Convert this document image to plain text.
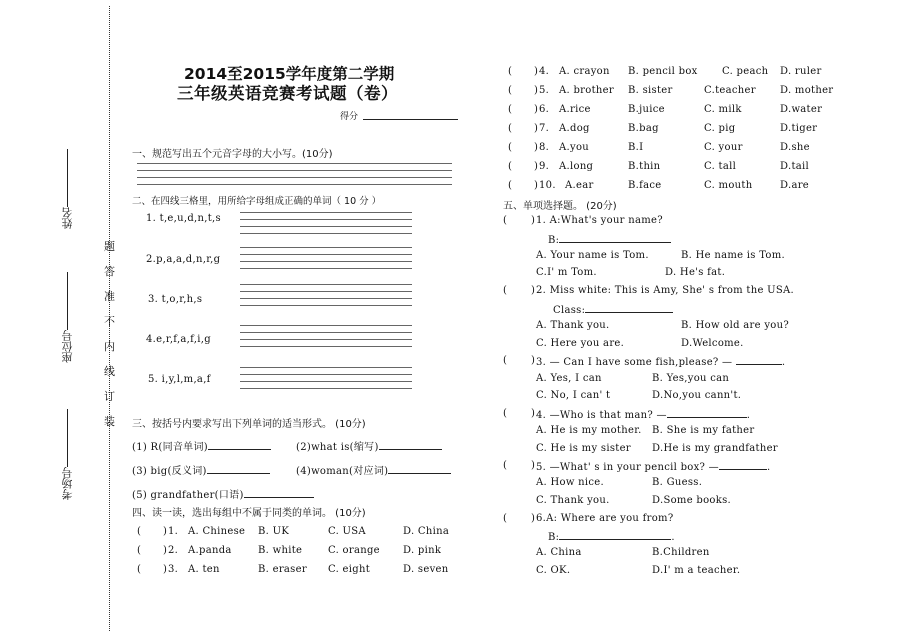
姓名
座位号
考场号
题
答
准
不
内
线
订
装
2014至2015学年度第二学期
三年级英语竞赛考试题（卷）
得分
一、规范写出五个元音字母的大小写。(10分)
二、在四线三格里，用所给字母组成正确的单词（ 10 分 ）
1. t,e,u,d,n,t,s
2.p,a,a,d,n,r,g
3. t,o,r,h,s
4.e,r,f,a,f,i,g
5. i,y,l,m,a,f
三、按括号内要求写出下列单词的适当形式。 (10分)
(1) R(同音单词)	(2)what is(缩写)
(3) big(反义词)	(4)woman(对应词)
(5) grandfather(口语)
四、读一读，选出每组中不属于同类的单词。 (10分)
( ) 1. A. Chinese B. UK	C. USA	D. China
( ) 2. A.panda	B. white	C. orange D. pink
( ) 3. A. ten	B. eraser C. eight	D. seven
( ) 4. A. crayon B. pencil box C. peach D. ruler
( ) 5. A. brother B. sister	C.teacher D. mother
( ) 6. A.rice	B.juice	C. milk	D.water
( ) 7. A.dog	B.bag	C. pig	D.tiger
( ) 8. A.you	B.I	C. your	D.she
( ) 9. A.long	B.thin	C. tall	D.tail
( ) 10. A.ear	B.face	C. mouth	D.are
五、单项选择题。 (20分)
( ) 1. A:What's your name?
B:
A. Your name is Tom.	B. He name is Tom.
C.I' m Tom.	D. He's fat.
( ) 2. Miss white: This is Amy, She' s from the USA.
Class:
A. Thank you.	B. How old are you?
C. Here you are.	D.Welcome.
( ) 3. — Can I have some fish,please? —	.
A. Yes, I can	B. Yes,you can
C. No, I can' t	D.No,you cann't.
( ) 4. —Who is that man? —	.
A. He is my mother. B. She is my father
C. He is my sister D.He is my grandfather
( ) 5. —What' s in your pencil box? —	.
A. How nice.	B. Guess.
C. Thank you.	D.Some books.
( ) 6.A: Where are you from?
B:	.
A. China	B.Children
C. OK.	D.I' m a teacher.
